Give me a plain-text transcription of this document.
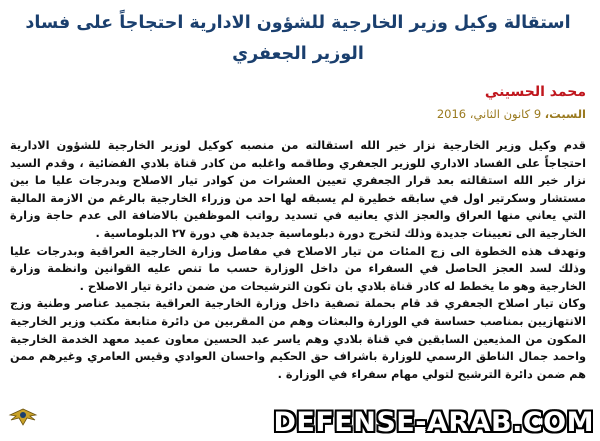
استقالة وكيل وزير الخارجية للشؤون الادارية احتجاجاً على فساد الوزير الجعفري
محمد الحسيني
السبت، 9 كانون الثاني، 2016

قدم وكيل وزير الخارجية نزار خير الله استقالته من منصبه كوكيل لوزير الخارجية للشؤون الادارية احتجاجاً على الفساد الاداري للوزير الجعفري وطاقمه واغلبه من كادر قناة بلادي الفضائية ، وقدم السيد نزار خير الله استقالته بعد قرار الجعفري تعيين العشرات من كوادر تيار الاصلاح وبدرجات عليا ما بين مستشار وسكرتير اول في سابقه خطيرة لم يسبقه لها احد من وزراء الخارجية بالرغم من الازمة المالية التي يعاني منها العراق والعجز الذي يعانيه في تسديد رواتب الموظفين بالاضافة الى عدم حاجة وزارة الخارجية الى تعيينات جديدة وذلك لتخرج دورة دبلوماسية جديدة هي دورة ٢٧ الدبلوماسية .

وتهدف هذه الخطوة الى زج المئات من تيار الاصلاح في مفاصل وزارة الخارجية العراقية وبدرجات عليا وذلك لسد العجز الحاصل في السفراء من داخل الوزارة حسب ما تنص عليه القوانين وانظمة وزارة الخارجية وهو ما يخطط له كادر قناة بلادي بان تكون الترشيحات من ضمن دائرة تيار الاصلاح .

وكان تيار اصلاح الجعفري قد قام بحملة تصفية داخل وزارة الخارجية العراقية بتجميد عناصر وطنية وزج الانتهازيين بمناصب حساسة في الوزارة والبعثات وهم من المقربين من دائرة متابعة مكتب وزير الخارجية المكون من المذيعين السابقين في قناة بلادي وهم ياسر عبد الحسين معاون عميد معهد الخدمة الخارجية واحمد جمال الناطق الرسمي للوزارة باشراف حق الحكيم واحسان العوادي وقيس العامري وغيرهم ممن هم ضمن دائرة الترشيح لتولي مهام سفراء في الوزارة .

DEFENSE-ARAB.COM
